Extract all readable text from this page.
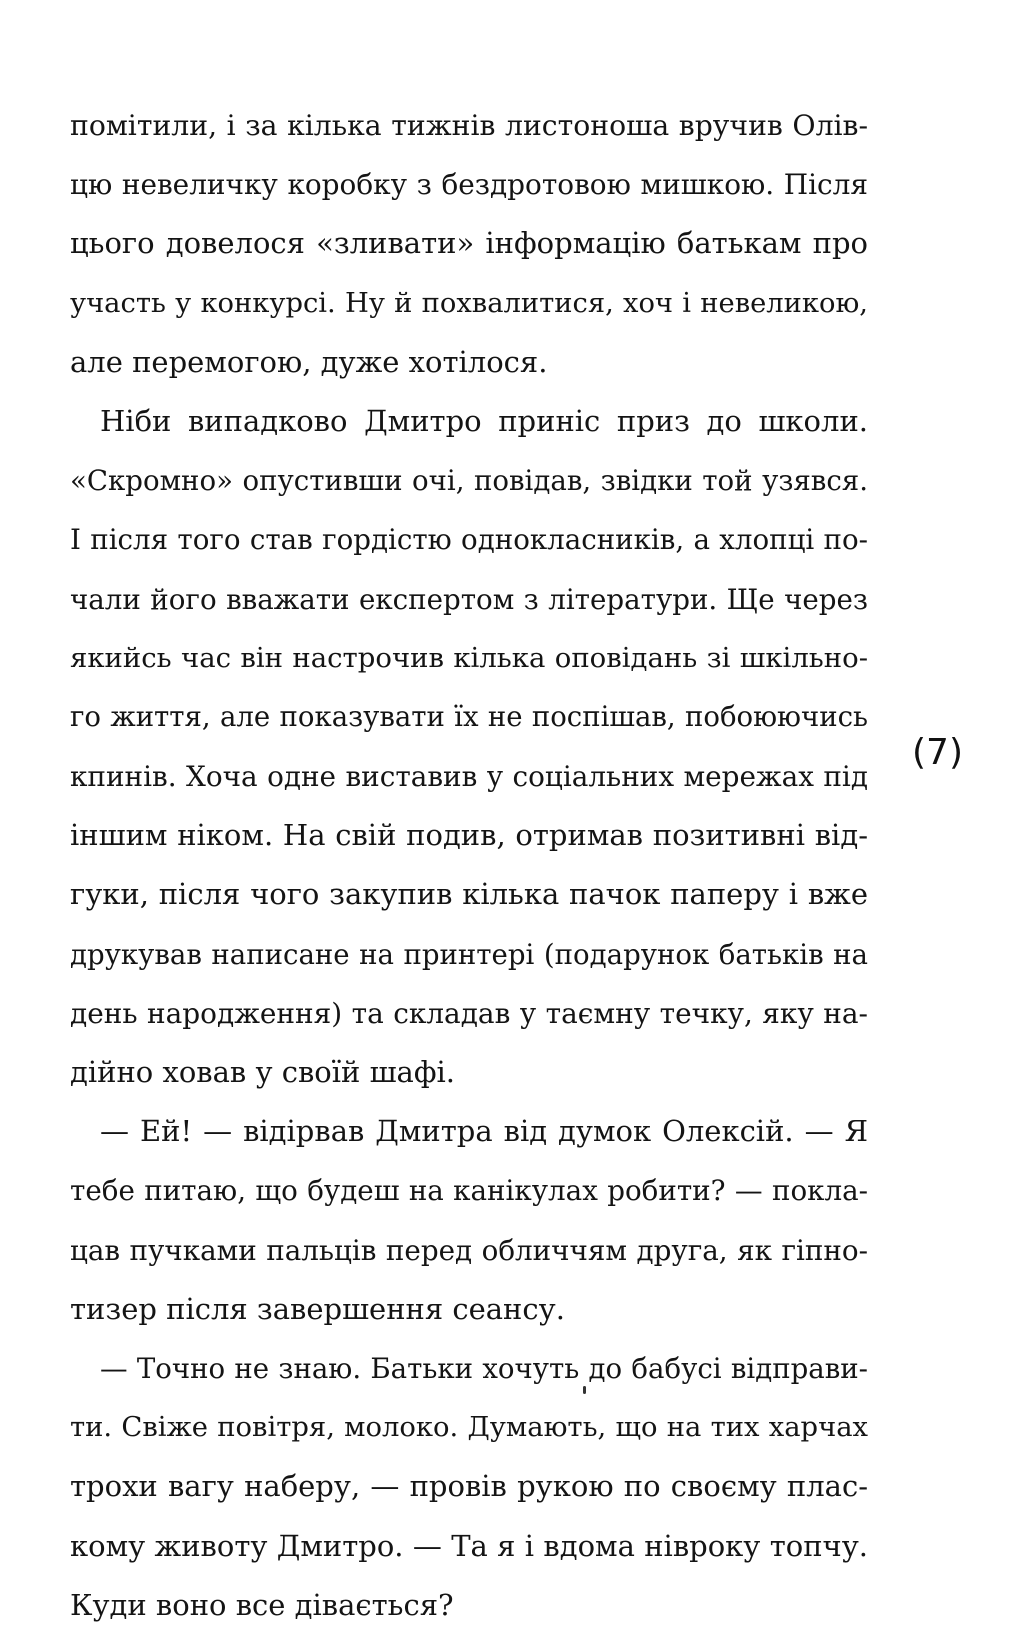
помітили, і за кілька тижнів листоноша вручив Олів-
цю невеличку коробку з бездротовою мишкою. Після
цього довелося «зливати» інформацію батькам про
участь у конкурсі. Ну й похвалитися, хоч і невеликою,
але перемогою, дуже хотілося.

Ніби випадково Дмитро приніс приз до школи.
«Скромно» опустивши очі, повідав, звідки той узявся.
І після того став гордістю однокласників, а хлопці по-
чали його вважати експертом з літератури. Ще через
якийсь час він настрочив кілька оповідань зі шкільно-
го життя, але показувати їх не поспішав, побоюючись
кпинів. Хоча одне виставив у соціальних мережах під
іншим ніком. На свій подив, отримав позитивні від-
гуки, після чого закупив кілька пачок паперу і вже
друкував написане на принтері (подарунок батьків на
день народження) та складав у таємну течку, яку на-
дійно ховав у своїй шафі.

— Ей! — відірвав Дмитра від думок Олексій. — Я
тебе питаю, що будеш на канікулах робити? — покла-
цав пучками пальців перед обличчям друга, як гіпно-
тизер після завершення сеансу.

— Точно не знаю. Батьки хочуть до бабусі відправи-
ти. Свіже повітря, молоко. Думають, що на тих харчах
трохи вагу наберу, — провів рукою по своєму плас-
кому животу Дмитро. — Та я і вдома нівроку топчу.
Куди воно все дівається?

(7)
